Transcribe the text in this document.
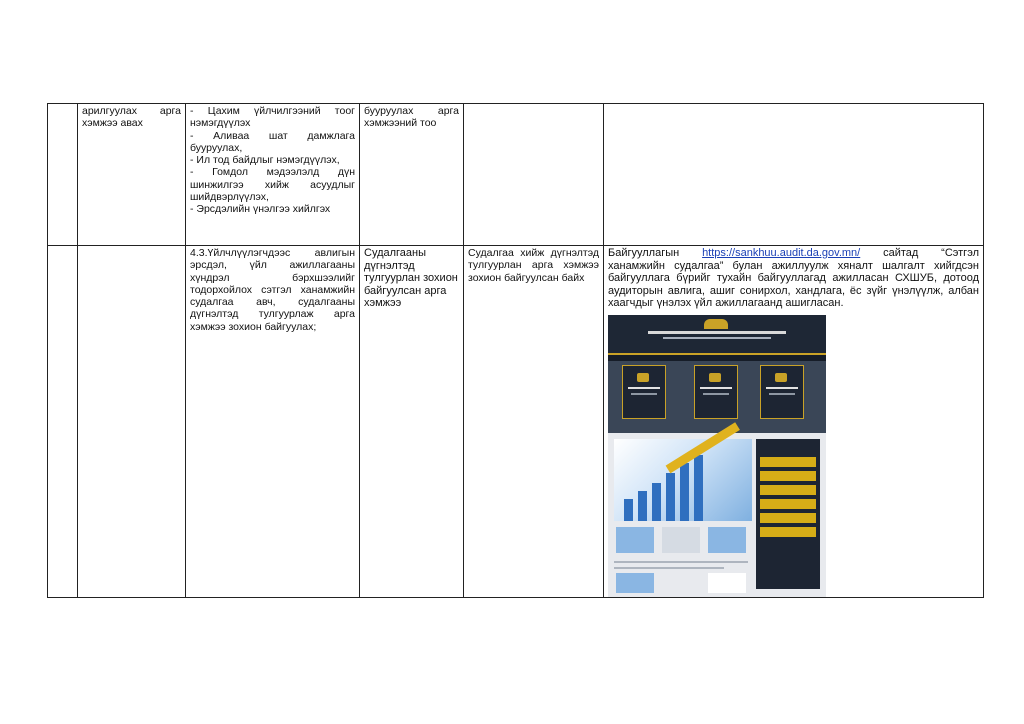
	арилгуулах арга хэмжээ авах	- Цахим үйлчилгээний тоог нэмэгдүүлэх
- Аливаа шат дамжлага бууруулах,
- Ил тод байдлыг нэмэгдүүлэх,
- Гомдол мэдээлэлд дүн шинжилгээ хийж асуудлыг шийдвэрлүүлэх,
- Эрсдэлийн үнэлгээ хийлгэх	бууруулах арга хэмжээний тоо		
		4.3.Үйлчлүүлэгчдээс авлигын эрсдэл, үйл ажиллагааны хүндрэл бэрхшээлийг тодорхойлох сэтгэл ханамжийн судалгаа авч, судалгааны дүгнэлтэд тулгуурлаж арга хэмжээ зохион байгуулах;	Судалгааны дүгнэлтэд тулгуурлан зохион байгуулсан арга хэмжээ	Судалгаа хийж дүгнэлтэд тулгуурлан арга хэмжээ зохион байгуулсан байх	Байгууллагын https://sankhuu.audit.da.gov.mn/ сайтад “Сэтгэл ханамжийн судалгаа” булан ажиллуулж хяналт шалгалт хийгдсэн байгууллага бүрийг тухайн байгууллагад ажилласан СХШУБ, дотоод аудиторын авлига, ашиг сонирхол, хандлага, ёс зүйг үнэлүүлж, албан хаагчдыг үнэлэх үйл ажиллагаанд ашигласан.
